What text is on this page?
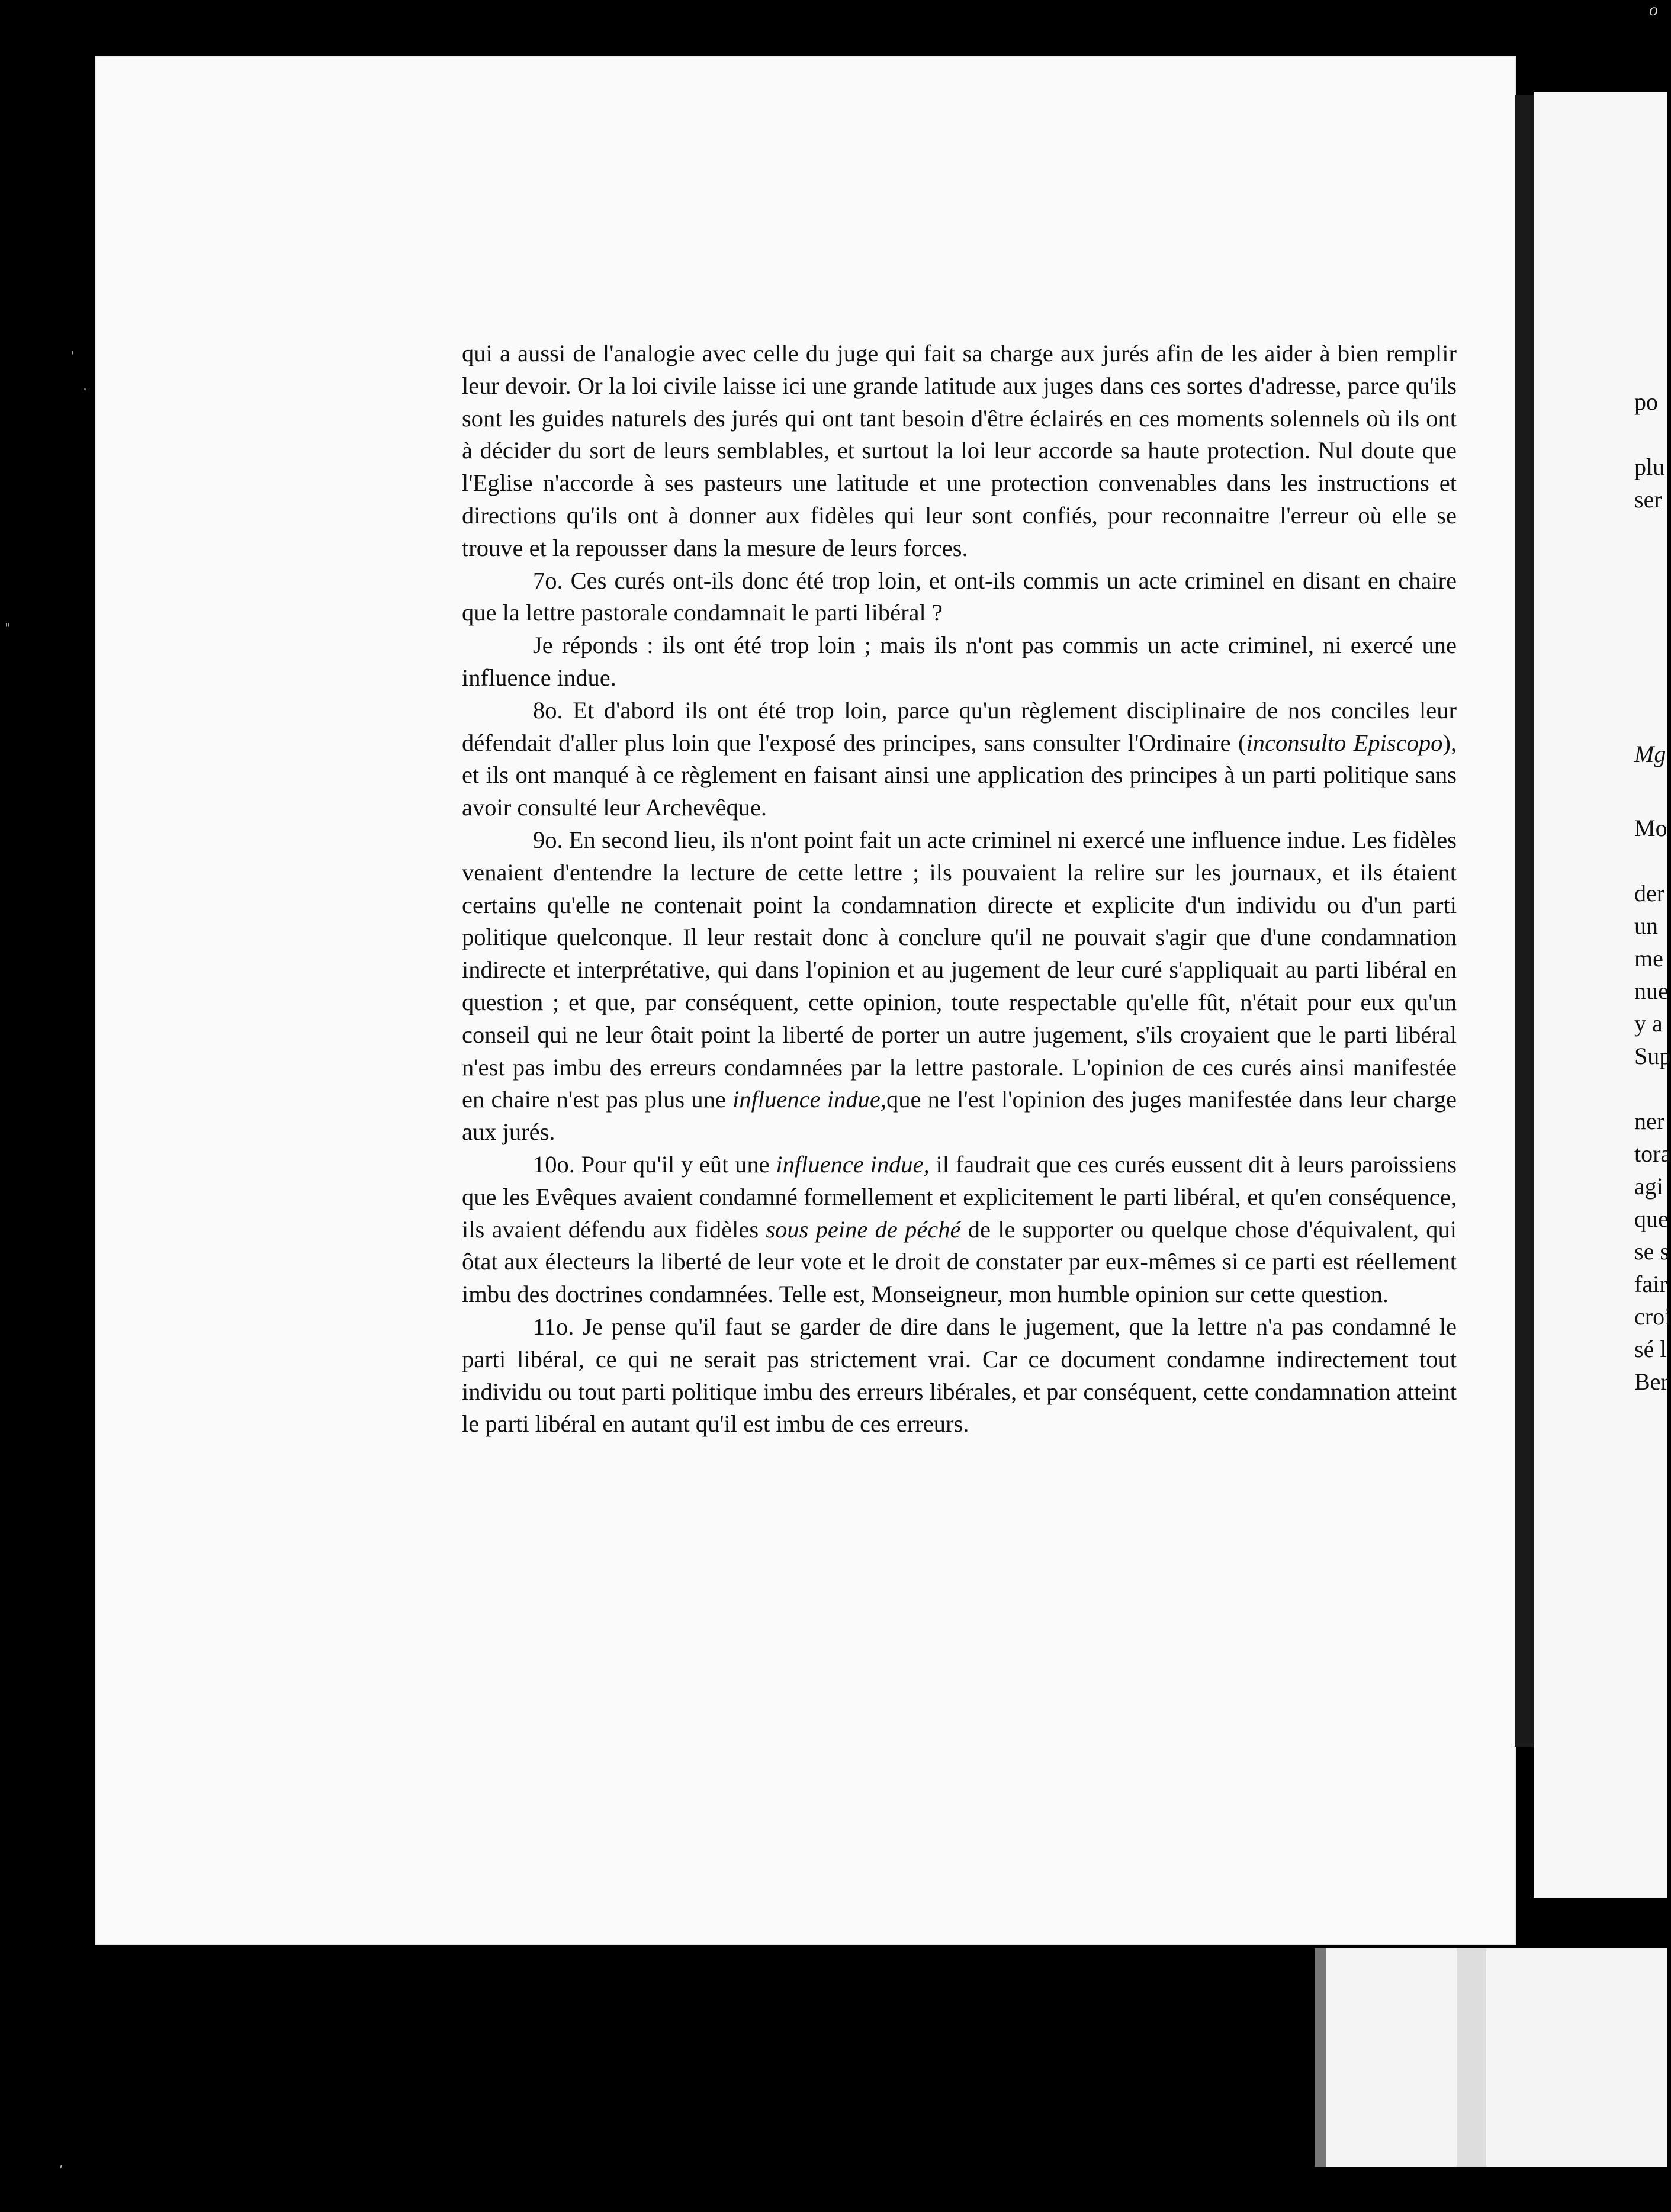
o
'
.
"
,

qui a aussi de l'analogie avec celle du juge qui fait sa charge aux jurés afin de les aider à bien remplir leur devoir. Or la loi civile laisse ici une grande latitude aux juges dans ces sortes d'adresse, parce qu'ils sont les guides naturels des jurés qui ont tant besoin d'être éclairés en ces moments solennels où ils ont à décider du sort de leurs semblables, et surtout la loi leur accorde sa haute protection. Nul doute que l'Eglise n'accorde à ses pasteurs une latitude et une protection convenables dans les instructions et directions qu'ils ont à donner aux fidèles qui leur sont confiés, pour reconnaitre l'erreur où elle se trouve et la repousser dans la mesure de leurs forces.

7o. Ces curés ont-ils donc été trop loin, et ont-ils commis un acte criminel en disant en chaire que la lettre pastorale condamnait le parti libéral ?

Je réponds : ils ont été trop loin ; mais ils n'ont pas commis un acte criminel, ni exercé une influence indue.

8o. Et d'abord ils ont été trop loin, parce qu'un règlement disciplinaire de nos conciles leur défendait d'aller plus loin que l'exposé des principes, sans consulter l'Ordinaire (inconsulto Episcopo), et ils ont manqué à ce règlement en faisant ainsi une application des principes à un parti politique sans avoir consulté leur Archevêque.

9o. En second lieu, ils n'ont point fait un acte criminel ni exercé une influence indue. Les fidèles venaient d'entendre la lecture de cette lettre ; ils pouvaient la relire sur les journaux, et ils étaient certains qu'elle ne contenait point la condamnation directe et explicite d'un individu ou d'un parti politique quelconque. Il leur restait donc à conclure qu'il ne pouvait s'agir que d'une condamnation indirecte et interprétative, qui dans l'opinion et au jugement de leur curé s'appliquait au parti libéral en question ; et que, par conséquent, cette opinion, toute respectable qu'elle fût, n'était pour eux qu'un conseil qui ne leur ôtait point la liberté de porter un autre jugement, s'ils croyaient que le parti libéral n'est pas imbu des erreurs condamnées par la lettre pastorale. L'opinion de ces curés ainsi manifestée en chaire n'est pas plus une influence indue,que ne l'est l'opinion des juges manifestée dans leur charge aux jurés.

10o. Pour qu'il y eût une influence indue, il faudrait que ces curés eussent dit à leurs paroissiens que les Evêques avaient condamné formellement et explicitement le parti libéral, et qu'en conséquence, ils avaient défendu aux fidèles sous peine de péché de le supporter ou quelque chose d'équivalent, qui ôtat aux électeurs la liberté de leur vote et le droit de constater par eux-mêmes si ce parti est réellement imbu des doctrines condamnées. Telle est, Monseigneur, mon humble opinion sur cette question.

11o. Je pense qu'il faut se garder de dire dans le jugement, que la lettre n'a pas condamné le parti libéral, ce qui ne serait pas strictement vrai. Car ce document condamne indirectement tout individu ou tout parti politique imbu des erreurs libérales, et par conséquent, cette condamnation atteint le parti libéral en autant qu'il est imbu de ces erreurs.

po
plu
ser
Mg
Mo
der
un
me
nue
y a
Sup
ner
tora
agi
que
se s
fair
croi
sé l
Ber
